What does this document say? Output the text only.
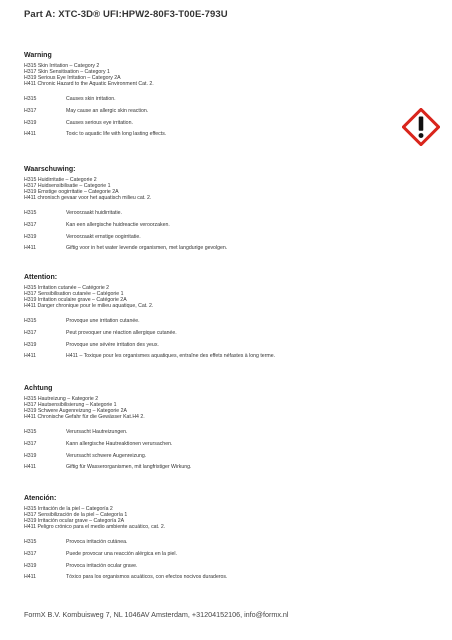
Part A: XTC-3D® UFI:HPW2-80F3-T00E-793U
Warning
H315 Skin Irritation – Category 2
H317 Skin Sensitisation – Category 1
H319 Serious Eye Irritation – Category 2A
H411 Chronic Hazard to the Aquatic Environment Cat. 2.
H315	Causes skin irritation.
H317	May cause an allergic skin reaction.
H319	Causes serious eye irritation.
H411	Toxic to aquatic life with long lasting effects.
Waarschuwing:
H315 Huidirritatie – Categorie 2
H317 Huidsensibilisatie – Categorie 1
H319 Ernstige oogirritatie – Categorie 2A
H411 chronisch gevaar voor het aquatisch milieu cat. 2.
H315	Veroorzaakt huidirritatie.
H317	Kan een allergische huidreactie veroorzaken.
H319	Veroorzaakt ernstige oogirritatie.
H411	Giftig voor in het water levende organismen, met langdurige gevolgen.
Attention:
H315 Irritation cutanée – Catégorie 2
H317 Sensibilisation cutanée – Catégorie 1
H319 Irritation oculaire grave – Catégorie 2A
H411 Danger chronique pour le milieu aquatique, Cat. 2.
H315	Provoque une irritation cutanée.
H317	Peut provoquer une réaction allergique cutanée.
H319	Provoque une sévère irritation des yeux.
H411	H411 – Toxique pour les organismes aquatiques, entraîne des effets néfastes à long terme.
Achtung
H315 Hautreizung – Kategorie 2
H317 Hautsensibilisierung – Kategorie 1
H319 Schwere Augenreizung – Kategorie 2A
H411 Chronische Gefahr für die Gewässer Kat.H4 2.
H315	Verursacht Hautreizungen.
H317	Kann allergische Hautreaktionen verursachen.
H319	Verursacht schwere Augenreizung.
H411	Giftig für Wasserorganismen, mit langfristiger Wirkung.
Atención:
H315 Irritación de la piel – Categoría 2
H317 Sensibilización de la piel – Categoría 1
H319 Irritación ocular grave – Categoría 2A
H411 Peligro crónico para el medio ambiente acuático, cat. 2.
H315	Provoca irritación cutánea.
H317	Puede provocar una reacción alérgica en la piel.
H319	Provoca irritación ocular grave.
H411	Tóxico para los organismos acuáticos, con efectos nocivos duraderos.
FormX B.V. Kombuisweg 7, NL 1046AV Amsterdam, +31204152106, info@formx.nl
